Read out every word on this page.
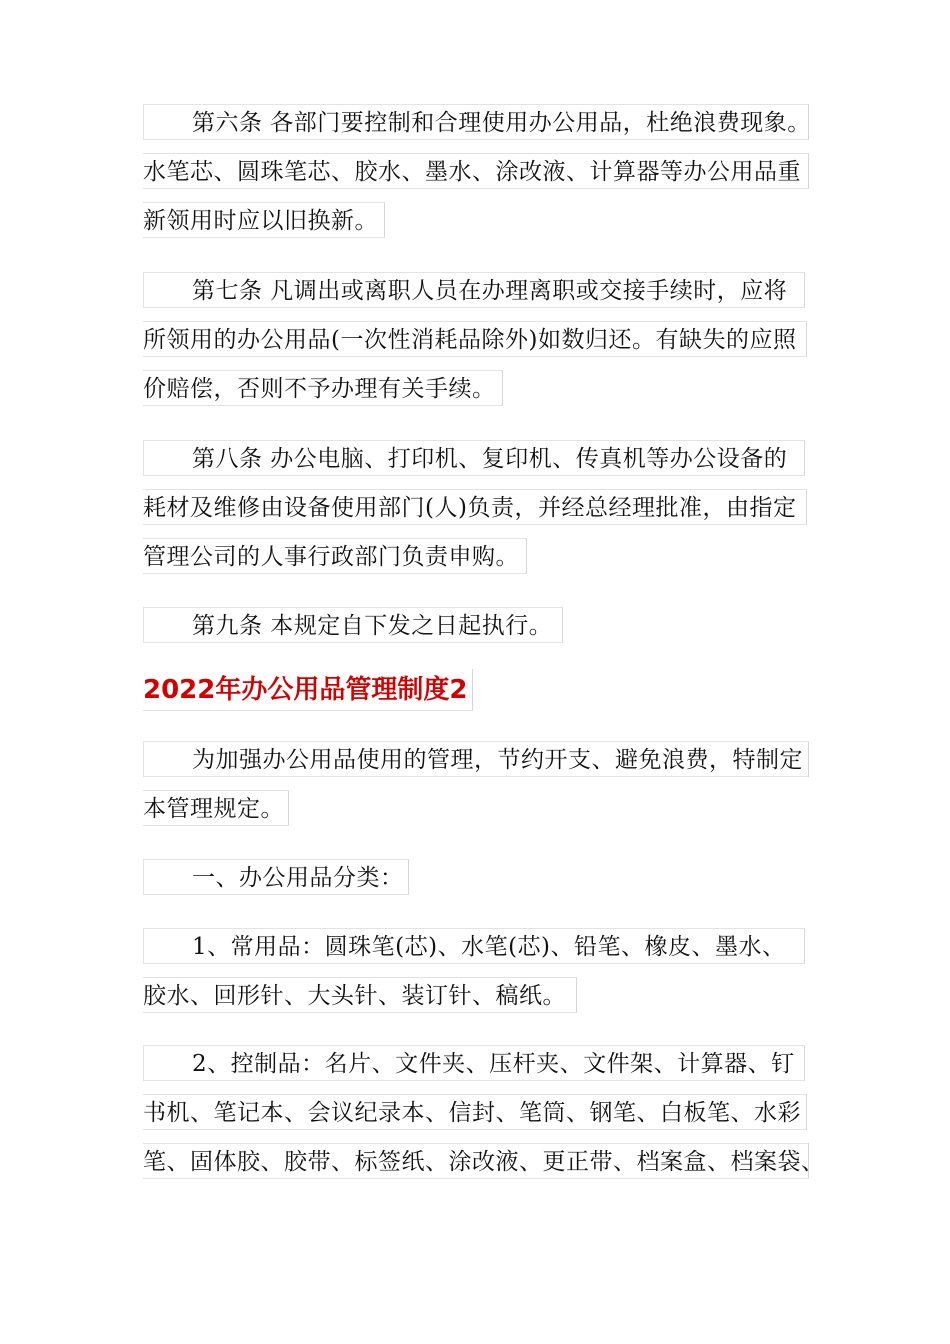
第六条 各部门要控制和合理使用办公用品，杜绝浪费现象。
水笔芯、圆珠笔芯、胶水、墨水、涂改液、计算器等办公用品重
新领用时应以旧换新。
第七条 凡调出或离职人员在办理离职或交接手续时，应将
所领用的办公用品(一次性消耗品除外)如数归还。有缺失的应照
价赔偿，否则不予办理有关手续。
第八条 办公电脑、打印机、复印机、传真机等办公设备的
耗材及维修由设备使用部门(人)负责，并经总经理批准，由指定
管理公司的人事行政部门负责申购。
第九条 本规定自下发之日起执行。
2022年办公用品管理制度2
为加强办公用品使用的管理，节约开支、避免浪费，特制定
本管理规定。
一、办公用品分类：
1、常用品：圆珠笔(芯)、水笔(芯)、铅笔、橡皮、墨水、
胶水、回形针、大头针、装订针、稿纸。
2、控制品：名片、文件夹、压杆夹、文件架、计算器、钉
书机、笔记本、会议纪录本、信封、笔筒、钢笔、白板笔、水彩
笔、固体胶、胶带、标签纸、涂改液、更正带、档案盒、档案袋、
